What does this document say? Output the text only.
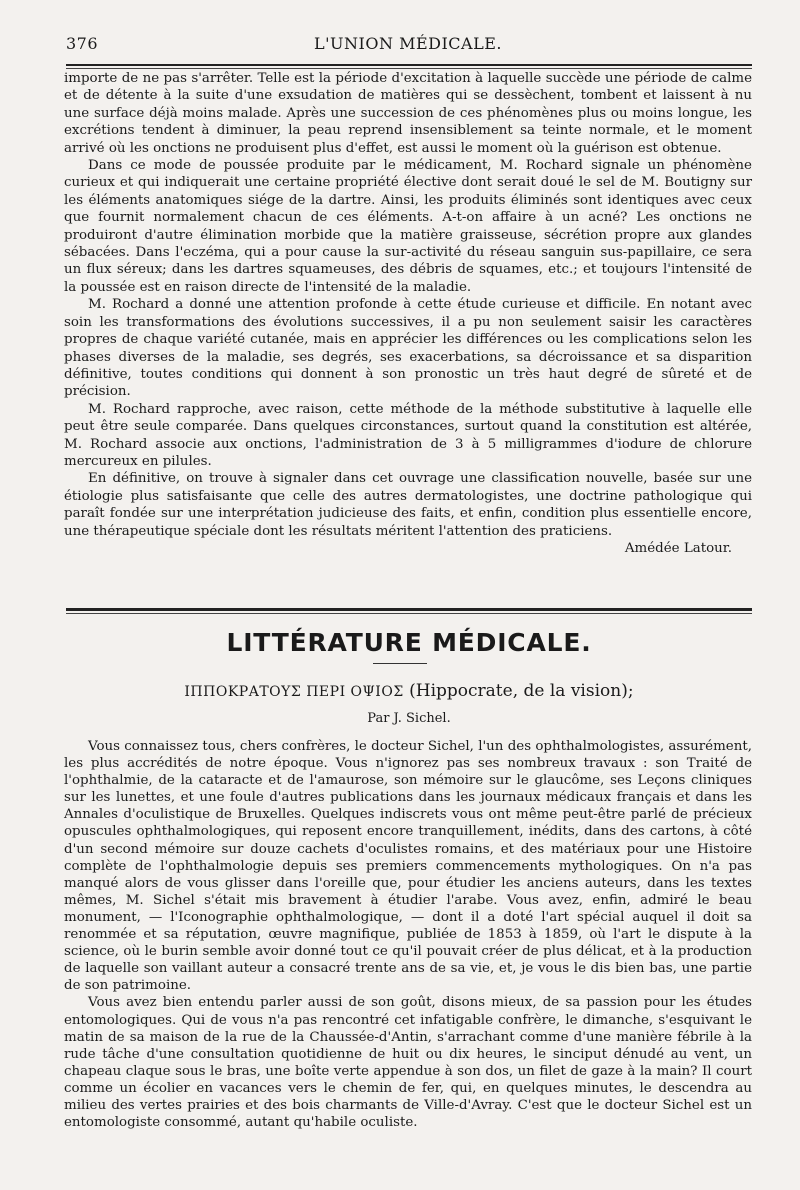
376	L'UNION MÉDICALE.

importe de ne pas s'arrêter. Telle est la période d'excitation à laquelle succède une période de calme et de détente à la suite d'une exsudation de matières qui se dessèchent, tombent et laissent à nu une surface déjà moins malade. Après une succession de ces phénomènes plus ou moins longue, les excrétions tendent à diminuer, la peau reprend insensiblement sa teinte normale, et le moment arrivé où les onctions ne produisent plus d'effet, est aussi le moment où la guérison est obtenue.

Dans ce mode de poussée produite par le médicament, M. Rochard signale un phénomène curieux et qui indiquerait une certaine propriété élective dont serait doué le sel de M. Boutigny sur les éléments anatomiques siége de la dartre. Ainsi, les produits éliminés sont identiques avec ceux que fournit normalement chacun de ces éléments. A-t-on affaire à un acné? Les onctions ne produiront d'autre élimination morbide que la matière graisseuse, sécrétion propre aux glandes sébacées. Dans l'eczéma, qui a pour cause la sur-activité du réseau sanguin sus-papillaire, ce sera un flux séreux; dans les dartres squameuses, des débris de squames, etc.; et toujours l'intensité de la poussée est en raison directe de l'intensité de la maladie.

M. Rochard a donné une attention profonde à cette étude curieuse et difficile. En notant avec soin les transformations des évolutions successives, il a pu non seulement saisir les caractères propres de chaque variété cutanée, mais en apprécier les différences ou les complications selon les phases diverses de la maladie, ses degrés, ses exacerbations, sa décroissance et sa disparition définitive, toutes conditions qui donnent à son pronostic un très haut degré de sûreté et de précision.

M. Rochard rapproche, avec raison, cette méthode de la méthode substitutive à laquelle elle peut être seule comparée. Dans quelques circonstances, surtout quand la constitution est altérée, M. Rochard associe aux onctions, l'administration de 3 à 5 milligrammes d'iodure de chlorure mercureux en pilules.

En définitive, on trouve à signaler dans cet ouvrage une classification nouvelle, basée sur une étiologie plus satisfaisante que celle des autres dermatologistes, une doctrine pathologique qui paraît fondée sur une interprétation judicieuse des faits, et enfin, condition plus essentielle encore, une thérapeutique spéciale dont les résultats méritent l'attention des praticiens.

Amédée Latour.

LITTÉRATURE MÉDICALE.
ΙΠΠΟΚΡΑΤΟΥΣ ΠΕΡΙ ΟΨΙΟΣ (Hippocrate, de la vision);
Par J. Sichel.

Vous connaissez tous, chers confrères, le docteur Sichel, l'un des ophthalmologistes, assurément, les plus accrédités de notre époque. Vous n'ignorez pas ses nombreux travaux : son Traité de l'ophthalmie, de la cataracte et de l'amaurose, son mémoire sur le glaucôme, ses Leçons cliniques sur les lunettes, et une foule d'autres publications dans les journaux médicaux français et dans les Annales d'oculistique de Bruxelles. Quelques indiscrets vous ont même peut-être parlé de précieux opuscules ophthalmologiques, qui reposent encore tranquillement, inédits, dans des cartons, à côté d'un second mémoire sur douze cachets d'oculistes romains, et des matériaux pour une Histoire complète de l'ophthalmologie depuis ses premiers commencements mythologiques. On n'a pas manqué alors de vous glisser dans l'oreille que, pour étudier les anciens auteurs, dans les textes mêmes, M. Sichel s'était mis bravement à étudier l'arabe. Vous avez, enfin, admiré le beau monument, — l'Iconographie ophthalmologique, — dont il a doté l'art spécial auquel il doit sa renommée et sa réputation, œuvre magnifique, publiée de 1853 à 1859, où l'art le dispute à la science, où le burin semble avoir donné tout ce qu'il pouvait créer de plus délicat, et à la production de laquelle son vaillant auteur a consacré trente ans de sa vie, et, je vous le dis bien bas, une partie de son patrimoine.

Vous avez bien entendu parler aussi de son goût, disons mieux, de sa passion pour les études entomologiques. Qui de vous n'a pas rencontré cet infatigable confrère, le dimanche, s'esquivant le matin de sa maison de la rue de la Chaussée-d'Antin, s'arrachant comme d'une manière fébrile à la rude tâche d'une consultation quotidienne de huit ou dix heures, le sinciput dénudé au vent, un chapeau claque sous le bras, une boîte verte appendue à son dos, un filet de gaze à la main? Il court comme un écolier en vacances vers le chemin de fer, qui, en quelques minutes, le descendra au milieu des vertes prairies et des bois charmants de Ville-d'Avray. C'est que le docteur Sichel est un entomologiste consommé, autant qu'habile oculiste.
